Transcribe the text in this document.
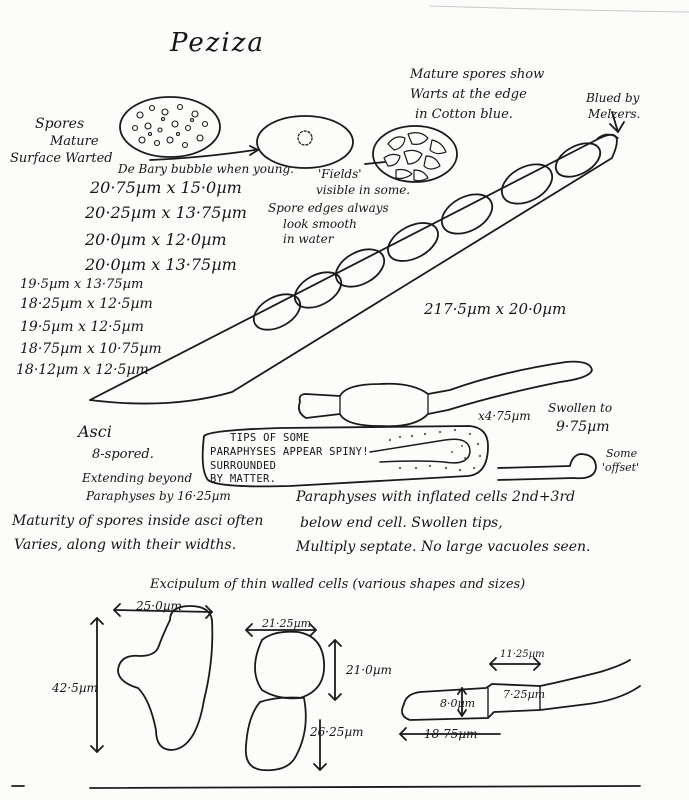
Peziza
Spores
Mature
Surface Warted
De Bary bubble when young. 'Fields'
visible in some.
Mature spores show
Warts at the edge
in Cotton blue.
Blued by
Melzers.
Spore edges always
look smooth
in water
20·75µm x 15·0µm
20·25µm x 13·75µm
20·0µm x 12·0µm
20·0µm x 13·75µm
19·5µm x 13·75µm
18·25µm x 12·5µm
19·5µm x 12·5µm
18·75µm x 10·75µm
18·12µm x 12·5µm
217·5µm x 20·0µm
x4·75µm
Swollen to
9·75µm
Some
'offset'
Asci
8-spored.
Extending beyond
Paraphyses by 16·25µm
TIPS OF SOME
PARAPHYSES APPEAR SPINY!
SURROUNDED
BY MATTER.
Paraphyses with inflated cells 2nd+3rd
below end cell. Swollen tips,
Multiply septate. No large vacuoles seen.
Maturity of spores inside asci often
Varies, along with their widths.
Excipulum of thin walled cells (various shapes and sizes)
25·0µm
42·5µm
21·25µm
21·0µm
26·25µm
11·25µm
8·0µm
7·25µm
18·75µm
